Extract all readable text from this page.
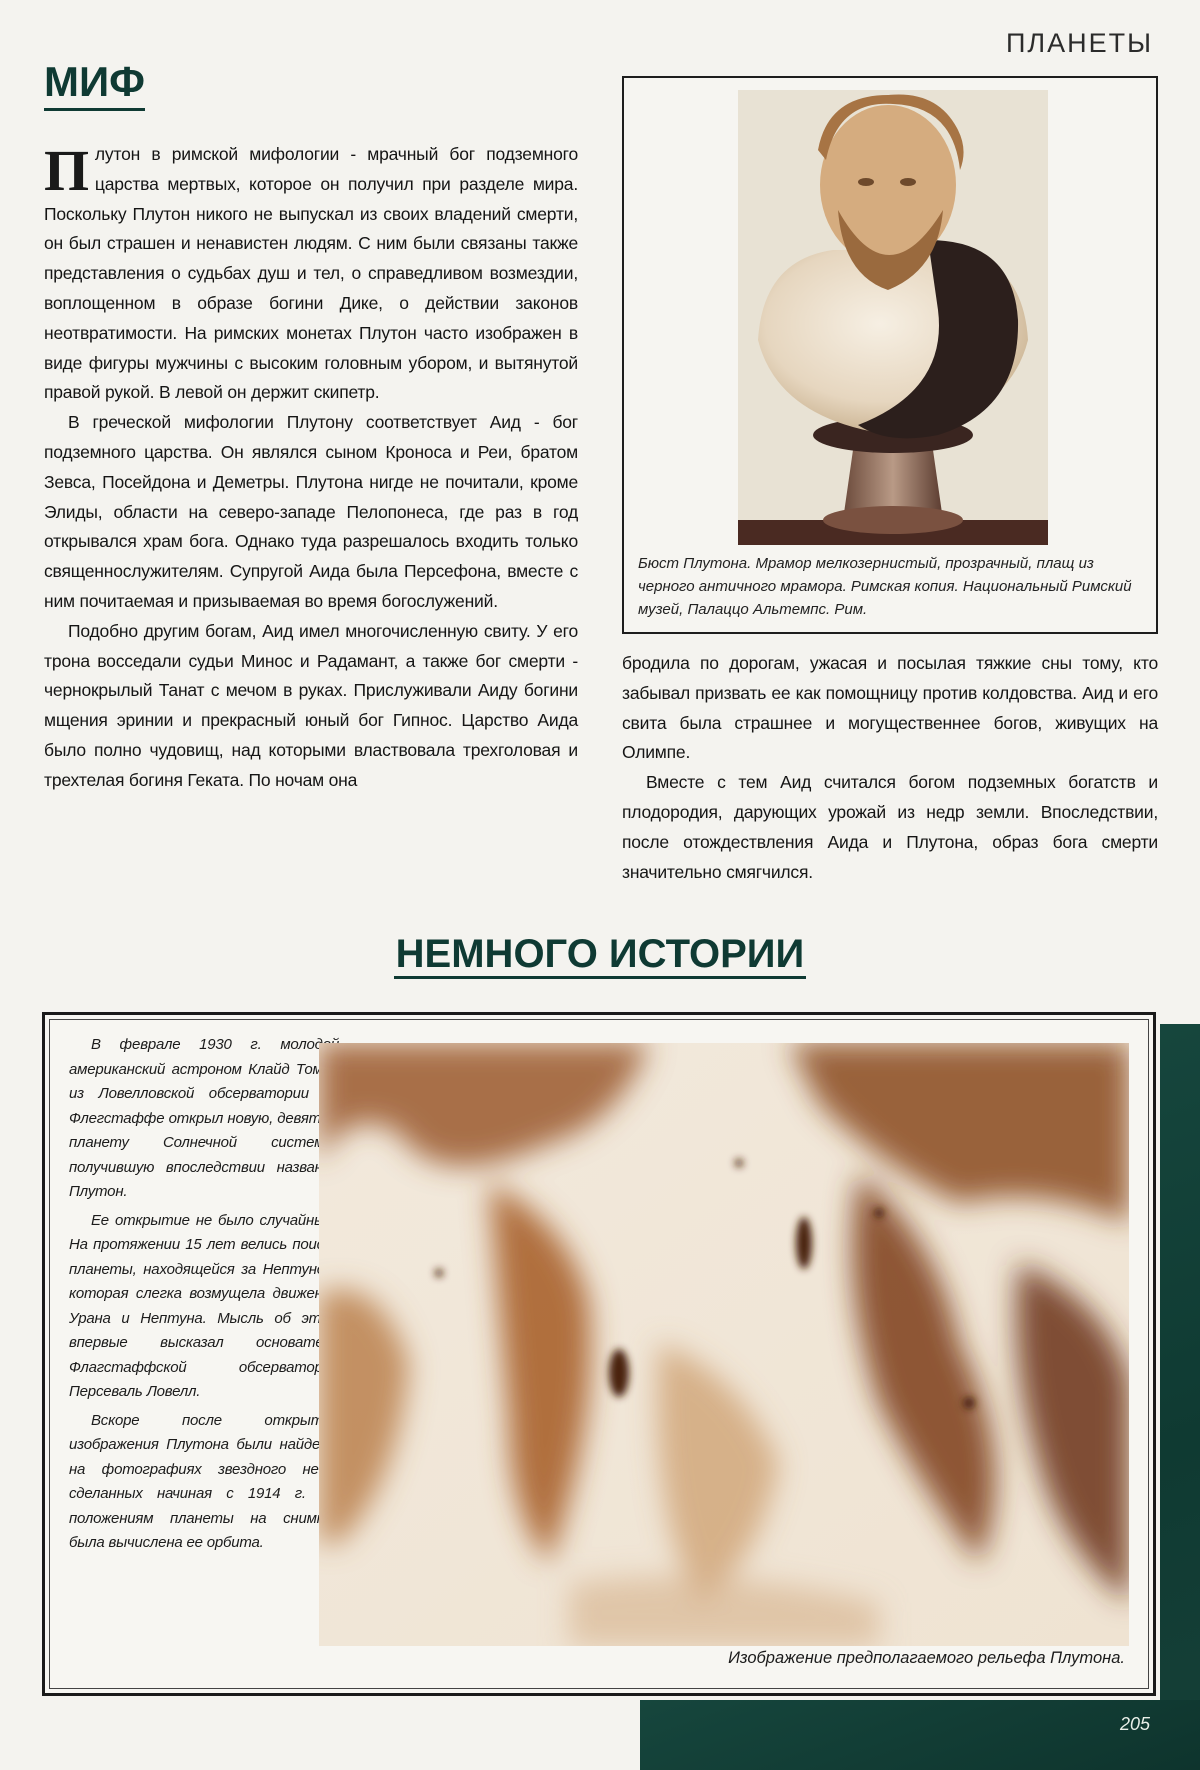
ПЛАНЕТЫ
МИФ

Плутон в римской мифологии - мрачный бог подземного царства мертвых, которое он получил при разделе мира. Поскольку Плутон никого не выпускал из своих владений смерти, он был страшен и ненавистен людям. С ним были связаны также представления о судьбах душ и тел, о справедливом возмездии, воплощенном в образе богини Дике, о действии законов неотвратимости. На римских монетах Плутон часто изображен в виде фигуры мужчины с высоким головным убором, и вытянутой правой рукой. В левой он держит скипетр.

В греческой мифологии Плутону соответствует Аид - бог подземного царства. Он являлся сыном Кроноса и Реи, братом Зевса, Посейдона и Деметры. Плутона нигде не почитали, кроме Элиды, области на северо-западе Пелопонеса, где раз в год открывался храм бога. Однако туда разрешалось входить только священнослужителям. Супругой Аида была Персефона, вместе с ним почитаемая и призываемая во время богослужений.

Подобно другим богам, Аид имел многочисленную свиту. У его трона восседали судьи Минос и Радамант, а также бог смерти - чернокрылый Танат с мечом в руках. Прислуживали Аиду богини мщения эринии и прекрасный юный бог Гипнос. Царство Аида было полно чудовищ, над которыми властвовала трехголовая и трехтелая богиня Геката. По ночам она

Бюст Плутона. Мрамор мелкозернистый, прозрачный, плащ из черного античного мрамора. Римская копия. Национальный Римский музей, Палаццо Альтемпс. Рим.

бродила по дорогам, ужасая и посылая тяжкие сны тому, кто забывал призвать ее как помощницу против колдовства. Аид и его свита была страшнее и могущественнее богов, живущих на Олимпе.

Вместе с тем Аид считался богом подземных богатств и плодородия, дарующих урожай из недр земли. Впоследствии, после отождествления Аида и Плутона, образ бога смерти значительно смягчился.

НЕМНОГО ИСТОРИИ

В феврале 1930 г. молодой американский астроном Клайд Томбо из Ловелловской обсерватории во Флегстаффе открыл новую, девятую планету Солнечной системы, получившую впоследствии название Плутон.

Ее открытие не было случайным. На протяжении 15 лет велись поиски планеты, находящейся за Нептуном, которая слегка возмущела движение Урана и Нептуна. Мысль об этом впервые высказал основатель Флагстаффской обсерватории Персеваль Ловелл.

Вскоре после открытия изображения Плутона были найдены на фотографиях звездного неба, сделанных начиная с 1914 г. По положениям планеты на снимках была вычислена ее орбита.

Изображение предполагаемого рельефа Плутона.
205
